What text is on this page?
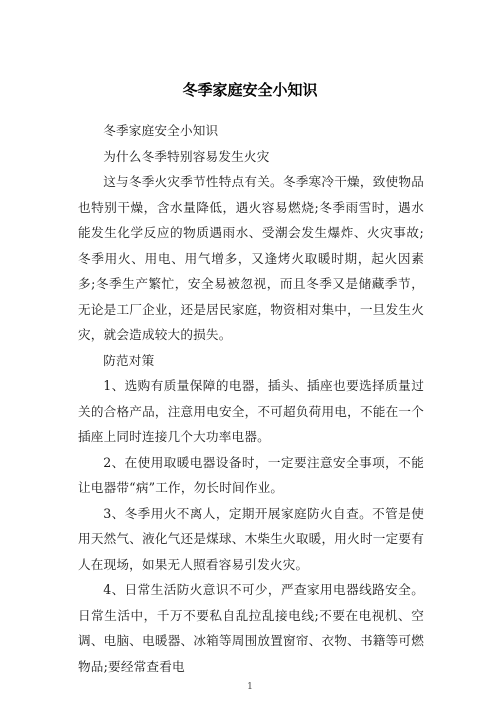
冬季家庭安全小知识

冬季家庭安全小知识

为什么冬季特别容易发生火灾

这与冬季火灾季节性特点有关。冬季寒冷干燥，致使物品也特别干燥，含水量降低，遇火容易燃烧;冬季雨雪时，遇水能发生化学反应的物质遇雨水、受潮会发生爆炸、火灾事故;冬季用火、用电、用气增多，又逢烤火取暖时期，起火因素多;冬季生产繁忙，安全易被忽视，而且冬季又是储藏季节，无论是工厂企业，还是居民家庭，物资相对集中，一旦发生火灾，就会造成较大的损失。

防范对策

1、选购有质量保障的电器，插头、插座也要选择质量过关的合格产品，注意用电安全，不可超负荷用电，不能在一个插座上同时连接几个大功率电器。

2、在使用取暖电器设备时，一定要注意安全事项，不能让电器带“病”工作，勿长时间作业。

3、冬季用火不离人，定期开展家庭防火自查。不管是使用天然气、液化气还是煤球、木柴生火取暖，用火时一定要有人在现场，如果无人照看容易引发火灾。

4、日常生活防火意识不可少，严查家用电器线路安全。日常生活中，千万不要私自乱拉乱接电线;不要在电视机、空调、电脑、电暖器、冰箱等周围放置窗帘、衣物、书籍等可燃物品;要经常查看电

1
